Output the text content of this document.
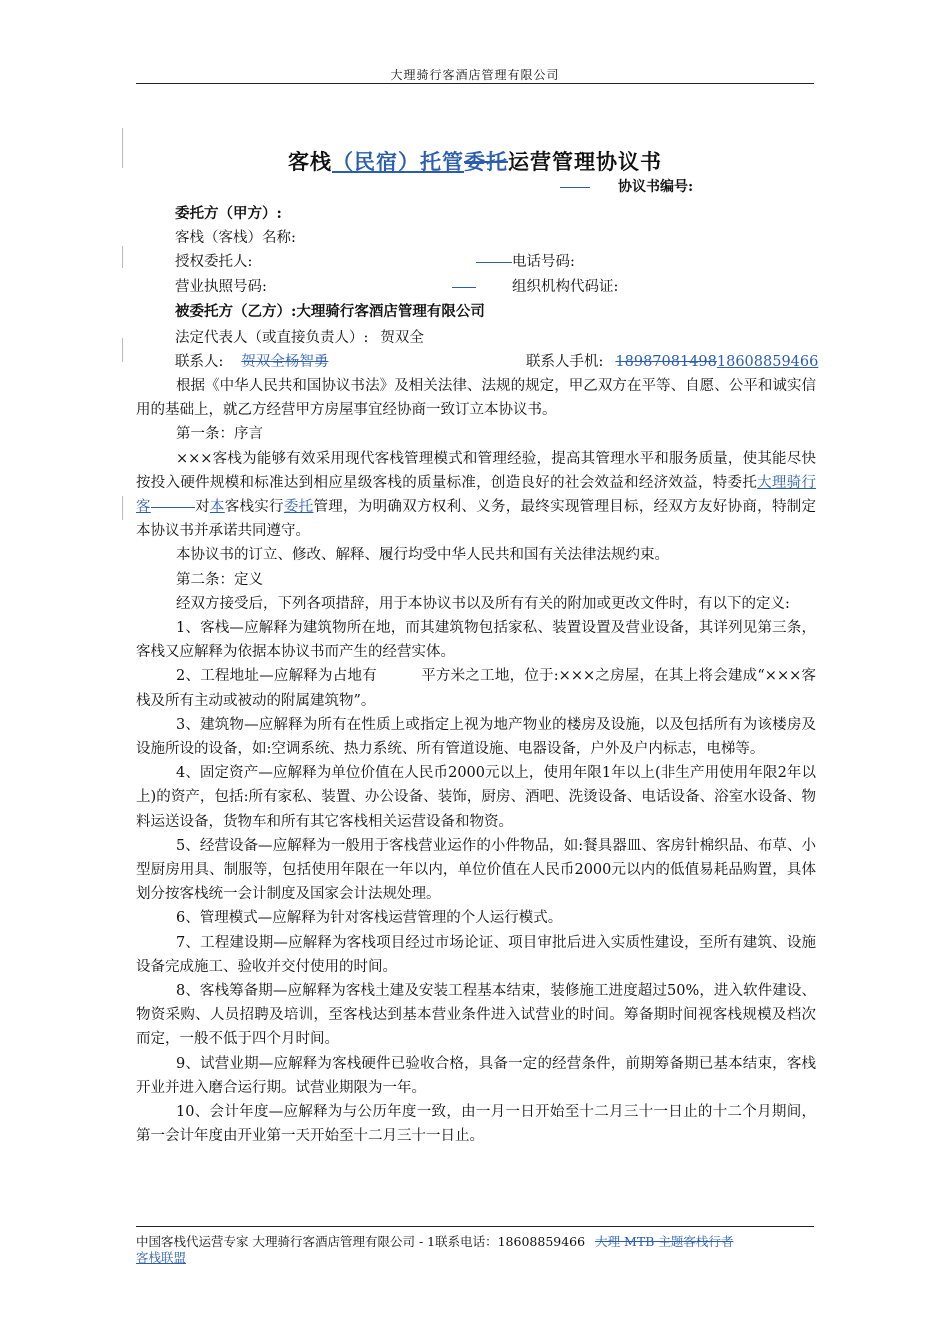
大理骑行客酒店管理有限公司
客栈（民宿）托管委托运营管理协议书
协议书编号:
委托方（甲方）:
客栈（客栈）名称:
授权委托人:	电话号码:
营业执照号码:	组织机构代码证:
被委托方（乙方）:大理骑行客酒店管理有限公司
法定代表人（或直接负责人）: 贺双全
联系人: 贺双全杨智勇	联系人手机: 1898708149818608859466

根据《中华人民共和国协议书法》及相关法律、法规的规定，甲乙双方在平等、自愿、公平和诚实信用的基础上，就乙方经营甲方房屋事宜经协商一致订立本协议书。

第一条：序言

×××客栈为能够有效采用现代客栈管理模式和管理经验，提高其管理水平和服务质量，使其能尽快按投入硬件规模和标准达到相应星级客栈的质量标准，创造良好的社会效益和经济效益，特委托大理骑行客	对本客栈实行委托管理，为明确双方权利、义务，最终实现管理目标，经双方友好协商，特制定本协议书并承诺共同遵守。

本协议书的订立、修改、解释、履行均受中华人民共和国有关法律法规约束。

第二条：定义

经双方接受后，下列各项措辞，用于本协议书以及所有有关的附加或更改文件时，有以下的定义:

1、客栈—应解释为建筑物所在地，而其建筑物包括家私、装置设置及营业设备，其详列见第三条，客栈又应解释为依据本协议书而产生的经营实体。

2、工程地址—应解释为占地有	平方米之工地，位于:×××之房屋，在其上将会建成“×××客栈及所有主动或被动的附属建筑物”。

3、建筑物—应解释为所有在性质上或指定上视为地产物业的楼房及设施，以及包括所有为该楼房及设施所设的设备，如:空调系统、热力系统、所有管道设施、电器设备，户外及户内标志，电梯等。

4、固定资产—应解释为单位价值在人民币2000元以上，使用年限1年以上(非生产用使用年限2年以上)的资产，包括:所有家私、装置、办公设备、装饰，厨房、酒吧、洗烫设备、电话设备、浴室水设备、物料运送设备，货物车和所有其它客栈相关运营设备和物资。

5、经营设备—应解释为一般用于客栈营业运作的小件物品，如:餐具器皿、客房针棉织品、布草、小型厨房用具、制服等，包括使用年限在一年以内，单位价值在人民币2000元以内的低值易耗品购置，具体划分按客栈统一会计制度及国家会计法规处理。

6、管理模式—应解释为针对客栈运营管理的个人运行模式。

7、工程建设期—应解释为客栈项目经过市场论证、项目审批后进入实质性建设，至所有建筑、设施设备完成施工、验收并交付使用的时间。

8、客栈筹备期—应解释为客栈土建及安装工程基本结束，装修施工进度超过50%，进入软件建设、物资采购、人员招聘及培训，至客栈达到基本营业条件进入试营业的时间。筹备期时间视客栈规模及档次而定，一般不低于四个月时间。

9、试营业期—应解释为客栈硬件已验收合格，具备一定的经营条件，前期筹备期已基本结束，客栈开业并进入磨合运行期。试营业期限为一年。

10、会计年度—应解释为与公历年度一致，由一月一日开始至十二月三十一日止的十二个月期间，第一会计年度由开业第一天开始至十二月三十一日止。

中国客栈代运营专家 大理骑行客酒店管理有限公司 - 1联系电话：18608859466 大理 MTB 主题客栈行者
客栈联盟
